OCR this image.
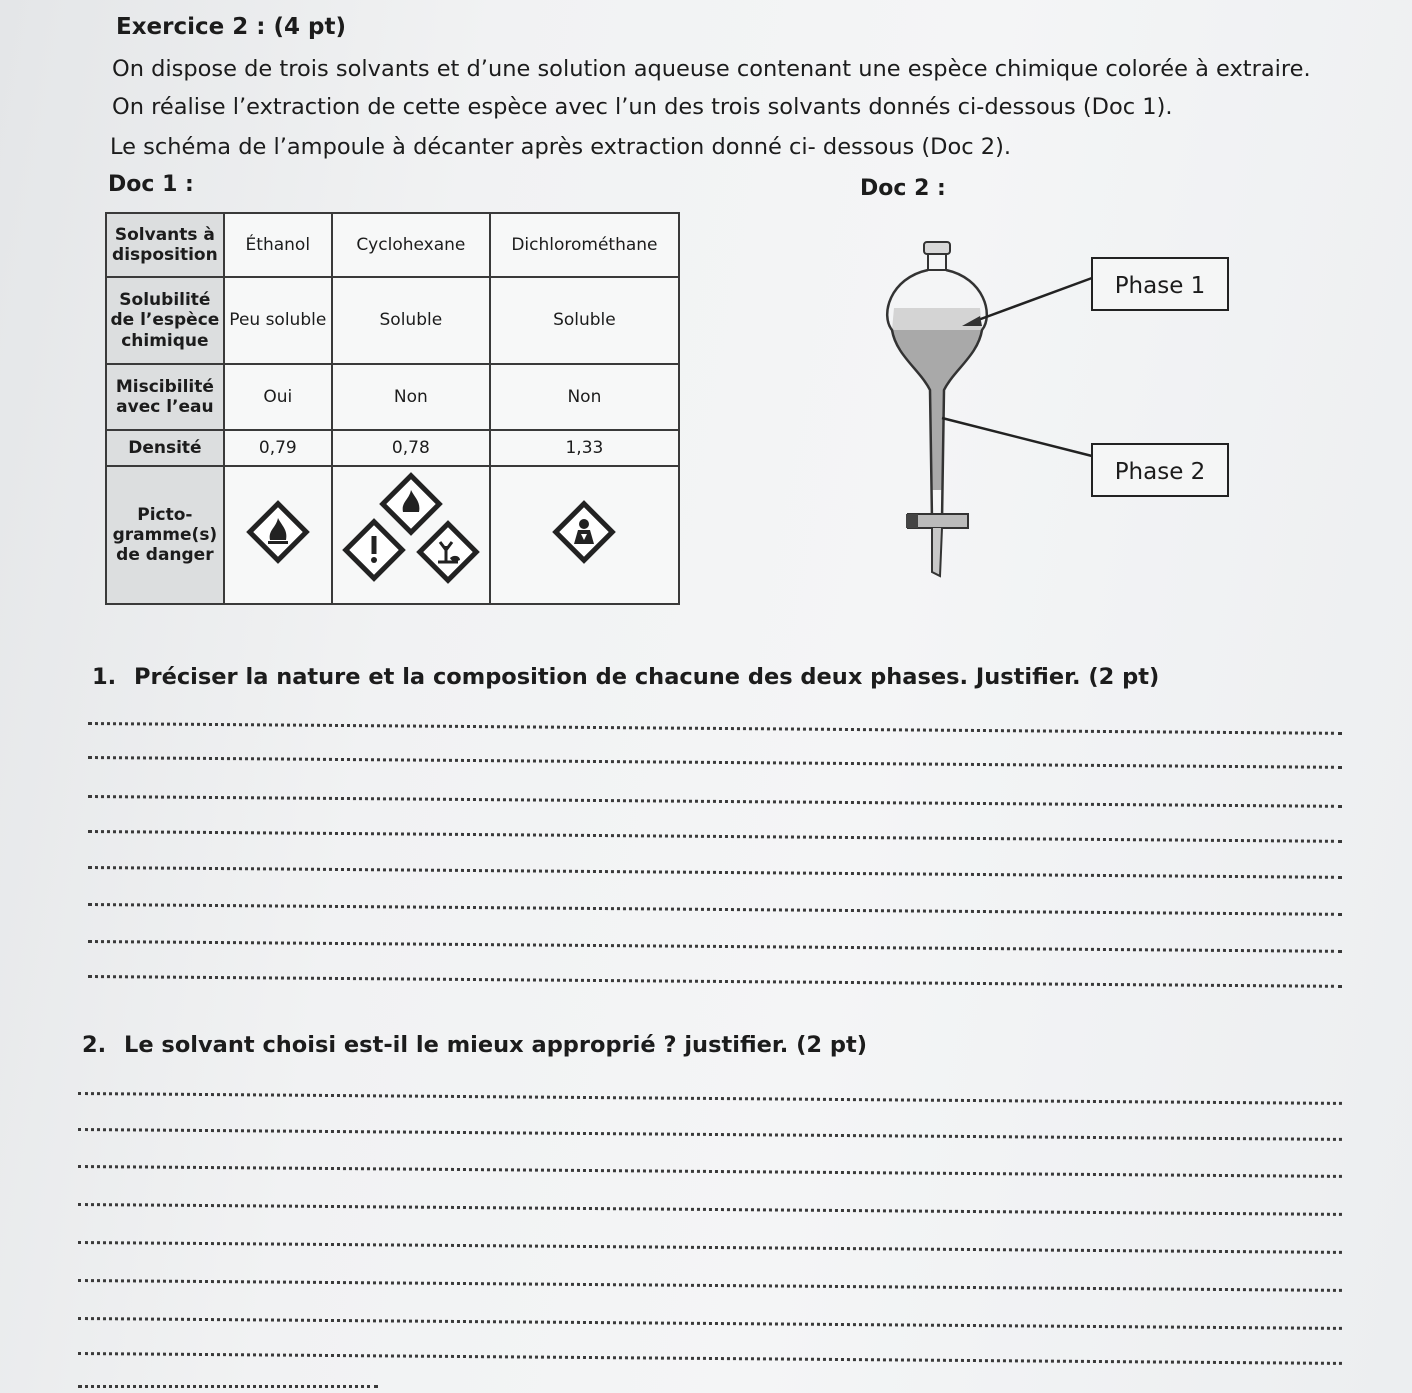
Exercice 2 : (4 pt)
On dispose de trois solvants et d’une solution aqueuse contenant une espèce chimique colorée à extraire.
On réalise l’extraction de cette espèce avec l’un des trois solvants donnés ci-dessous (Doc 1).
Le schéma de l’ampoule à décanter après extraction donné ci- dessous (Doc 2).
Doc 1 :	Doc 2 :
Solvants à disposition	Éthanol	Cyclohexane	Dichlorométhane
Solubilité de l’espèce chimique	Peu soluble	Soluble	Soluble
Miscibilité avec l’eau	Oui	Non	Non
Densité	0,79	0,78	1,33
Picto-gramme(s) de danger			
Phase 1
Phase 2
1. Préciser la nature et la composition de chacune des deux phases. Justifier. (2 pt)
2. Le solvant choisi est-il le mieux approprié ? justifier. (2 pt)
